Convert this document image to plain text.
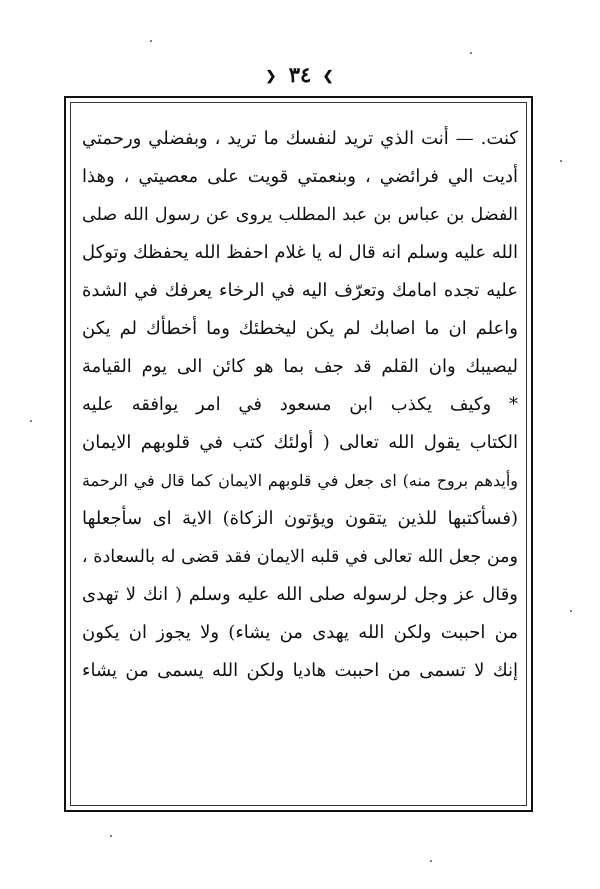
❯ ٣٤ ❮
كنت. — أنت الذي تريد لنفسك ما تريد ، وبفضلي ورحمتي
أديت الي فرائضي ، وبنعمتي قويت على معصيتي ، وهذا
الفضل بن عباس بن عبد المطلب يروى عن رسول الله صلى
الله عليه وسلم انه قال له يا غلام احفظ الله يحفظك وتوكل
عليه تجده امامك وتعرّف اليه في الرخاء يعرفك في الشدة
واعلم ان ما اصابك لم يكن ليخطئك وما أخطأك لم يكن
ليصيبك وان القلم قد جف بما هو كائن الى يوم القيامة
* وكيف يكذب ابن مسعود في امر يوافقه عليه
الكتاب يقول الله تعالى ( أولئك كتب في قلوبهم الايمان
وأيدهم بروح منه) اى جعل في قلوبهم الايمان كما قال في الرحمة
(فسأكتبها للذين يتقون ويؤتون الزكاة) الاية اى سأجعلها
ومن جعل الله تعالى في قلبه الايمان فقد قضى له بالسعادة ،
وقال عز وجل لرسوله صلى الله عليه وسلم ( انك لا تهدى
من احببت ولكن الله يهدى من يشاء) ولا يجوز ان يكون
إنك لا تسمى من احببت هاديا ولكن الله يسمى من يشاء
